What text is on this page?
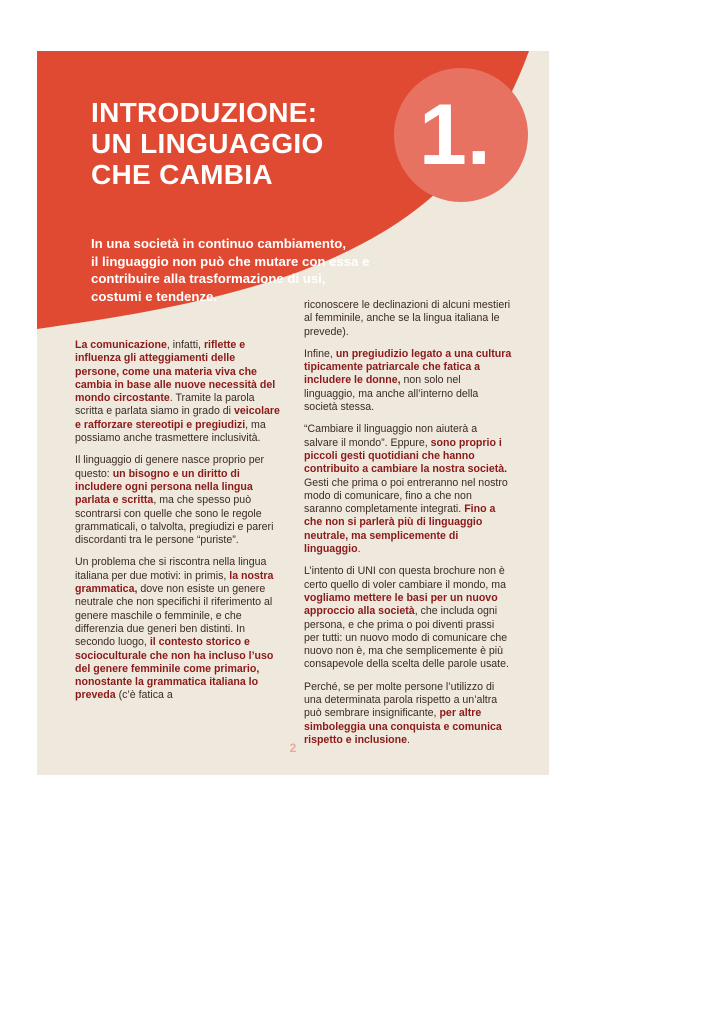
INTRODUZIONE:
UN LINGUAGGIO
CHE CAMBIA	1.
In una società in continuo cambiamento,
il linguaggio non può che mutare con essa e
contribuire alla trasformazione di usi,
costumi e tendenze.

La comunicazione, infatti, riflette e influenza gli atteggiamenti delle persone, come una materia viva che cambia in base alle nuove necessità del mondo circostante. Tramite la parola scritta e parlata siamo in grado di veicolare e rafforzare stereotipi e pregiudizi, ma possiamo anche trasmettere inclusività.

Il linguaggio di genere nasce proprio per questo: un bisogno e un diritto di includere ogni persona nella lingua parlata e scritta, ma che spesso può scontrarsi con quelle che sono le regole grammaticali, o talvolta, pregiudizi e pareri discordanti tra le persone “puriste”.

Un problema che si riscontra nella lingua italiana per due motivi: in primis, la nostra grammatica, dove non esiste un genere neutrale che non specifichi il riferimento al genere maschile o femminile, e che differenzia due generi ben distinti. In secondo luogo, il contesto storico e socioculturale che non ha incluso l’uso del genere femminile come primario, nonostante la grammatica italiana lo preveda (c’è fatica a

riconoscere le declinazioni di alcuni mestieri al femminile, anche se la lingua italiana le prevede).

Infine, un pregiudizio legato a una cultura tipicamente patriarcale che fatica a includere le donne, non solo nel linguaggio, ma anche all’interno della società stessa.

“Cambiare il linguaggio non aiuterà a salvare il mondo”. Eppure, sono proprio i piccoli gesti quotidiani che hanno contribuito a cambiare la nostra società. Gesti che prima o poi entreranno nel nostro modo di comunicare, fino a che non saranno completamente integrati. Fino a che non si parlerà più di linguaggio neutrale, ma semplicemente di linguaggio.

L’intento di UNI con questa brochure non è certo quello di voler cambiare il mondo, ma vogliamo mettere le basi per un nuovo approccio alla società, che includa ogni persona, e che prima o poi diventi prassi per tutti: un nuovo modo di comunicare che nuovo non è, ma che semplicemente è più consapevole della scelta delle parole usate.

Perché, se per molte persone l’utilizzo di una determinata parola rispetto a un’altra può sembrare insignificante, per altre simboleggia una conquista e comunica rispetto e inclusione.

2
